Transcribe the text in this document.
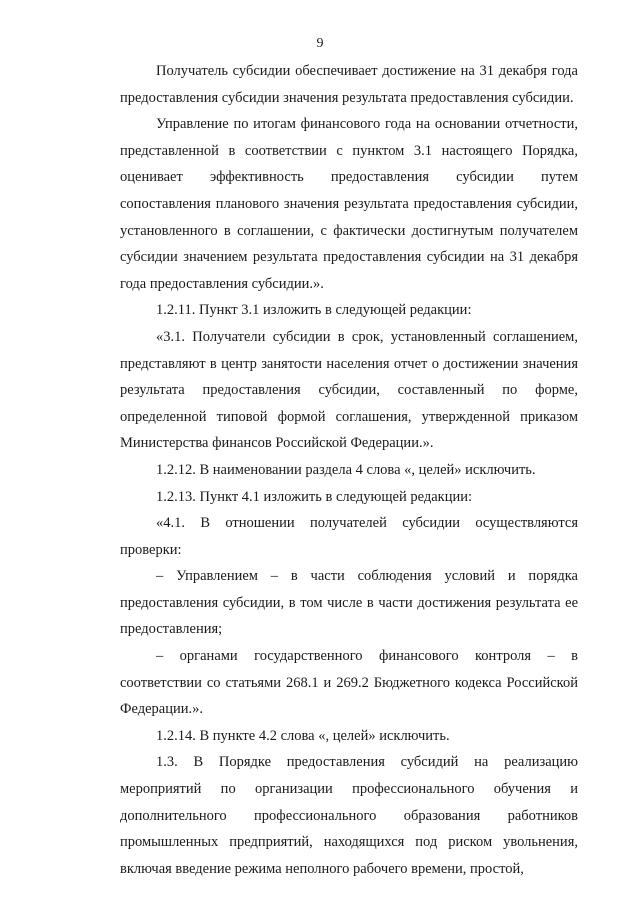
9

Получатель субсидии обеспечивает достижение на 31 декабря года предоставления субсидии значения результата предоставления субсидии.

Управление по итогам финансового года на основании отчетности, представленной в соответствии с пунктом 3.1 настоящего Порядка, оценивает эффективность предоставления субсидии путем сопоставления планового значения результата предоставления субсидии, установленного в соглашении, с фактически достигнутым получателем субсидии значением результата предоставления субсидии на 31 декабря года предоставления субсидии.».

1.2.11. Пункт 3.1 изложить в следующей редакции:

«3.1. Получатели субсидии в срок, установленный соглашением, представляют в центр занятости населения отчет о достижении значения результата предоставления субсидии, составленный по форме, определенной типовой формой соглашения, утвержденной приказом Министерства финансов Российской Федерации.».

1.2.12. В наименовании раздела 4 слова «, целей» исключить.

1.2.13. Пункт 4.1 изложить в следующей редакции:

«4.1. В отношении получателей субсидии осуществляются проверки:

– Управлением – в части соблюдения условий и порядка предоставления субсидии, в том числе в части достижения результата ее предоставления;

– органами государственного финансового контроля – в соответствии со статьями 268.1 и 269.2 Бюджетного кодекса Российской Федерации.».

1.2.14. В пункте 4.2 слова «, целей» исключить.

1.3. В Порядке предоставления субсидий на реализацию мероприятий по организации профессионального обучения и дополнительного профессионального образования работников промышленных предприятий, находящихся под риском увольнения, включая введение режима неполного рабочего времени, простой,
